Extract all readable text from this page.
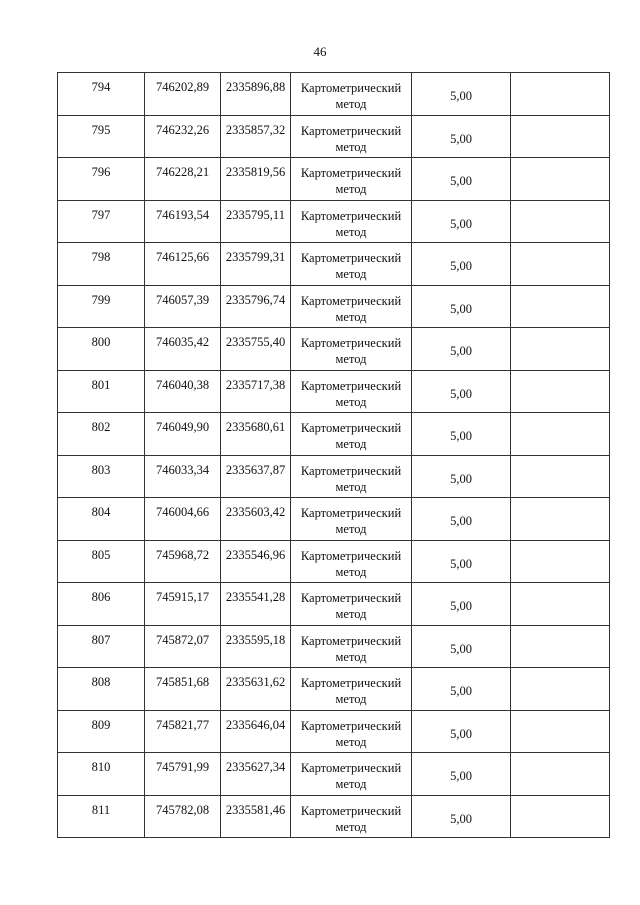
46
794	746202,89	2335896,88	Картометрический
метод	5,00	
795	746232,26	2335857,32	Картометрический
метод	5,00	
796	746228,21	2335819,56	Картометрический
метод	5,00	
797	746193,54	2335795,11	Картометрический
метод	5,00	
798	746125,66	2335799,31	Картометрический
метод	5,00	
799	746057,39	2335796,74	Картометрический
метод	5,00	
800	746035,42	2335755,40	Картометрический
метод	5,00	
801	746040,38	2335717,38	Картометрический
метод	5,00	
802	746049,90	2335680,61	Картометрический
метод	5,00	
803	746033,34	2335637,87	Картометрический
метод	5,00	
804	746004,66	2335603,42	Картометрический
метод	5,00	
805	745968,72	2335546,96	Картометрический
метод	5,00	
806	745915,17	2335541,28	Картометрический
метод	5,00	
807	745872,07	2335595,18	Картометрический
метод	5,00	
808	745851,68	2335631,62	Картометрический
метод	5,00	
809	745821,77	2335646,04	Картометрический
метод	5,00	
810	745791,99	2335627,34	Картометрический
метод	5,00	
811	745782,08	2335581,46	Картометрический
метод	5,00	
